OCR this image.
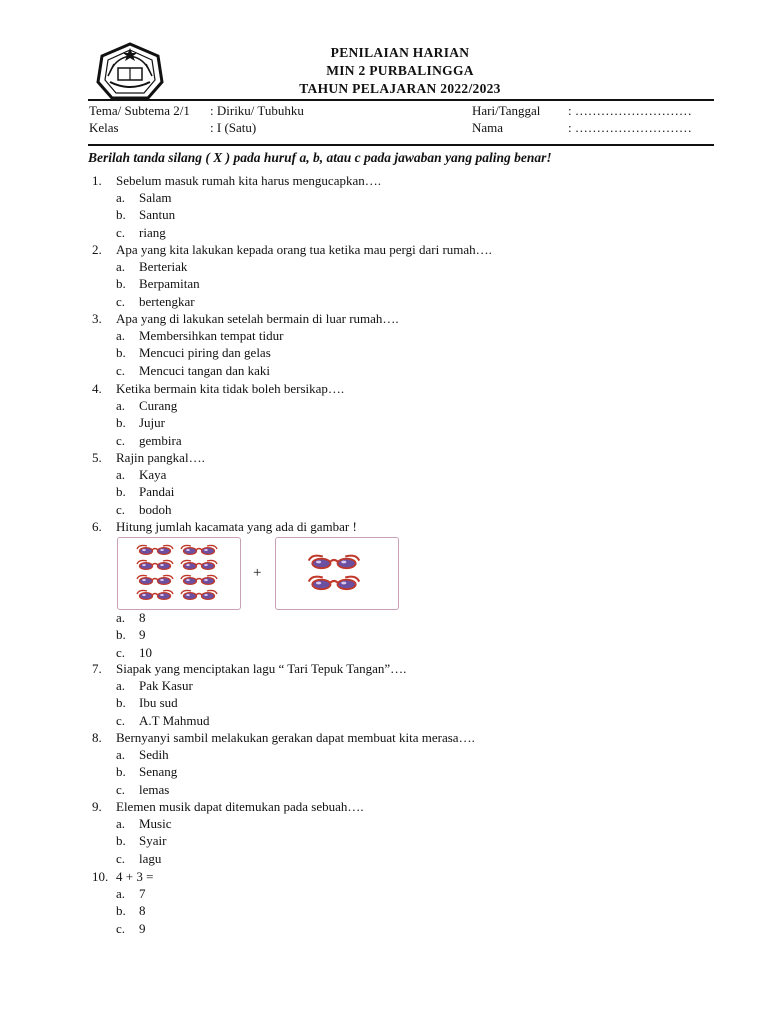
PENILAIAN HARIAN
MIN 2 PURBALINGGA
TAHUN PELAJARAN 2022/2023
Tema/ Subtema 2/1 : Diriku/ Tubuhku	Hari/Tanggal : ………………………
Kelas	: I (Satu)	Nama	: ………………………
Berilah tanda silang ( X ) pada huruf a, b, atau c pada jawaban yang paling benar!
1.	Sebelum masuk rumah kita harus mengucapkan….
a. Salam
b. Santun
c. riang
2.	Apa yang kita lakukan kepada orang tua ketika mau pergi dari rumah….
a. Berteriak
b. Berpamitan
c. bertengkar
3.	Apa yang di lakukan setelah bermain di luar rumah….
a. Membersihkan tempat tidur
b. Mencuci piring dan gelas
c. Mencuci tangan dan kaki
4.	Ketika bermain kita tidak boleh bersikap….
a. Curang
b. Jujur
c. gembira
5.	Rajin pangkal….
a. Kaya
b. Pandai
c. bodoh
6.	Hitung jumlah kacamata yang ada di gambar !
a. 8
b. 9
c. 10
7.	Siapak yang menciptakan lagu “ Tari Tepuk Tangan”….
a. Pak Kasur
b. Ibu sud
c. A.T Mahmud
8.	Bernyanyi sambil melakukan gerakan dapat membuat kita merasa….
a. Sedih
b. Senang
c. lemas
9.	Elemen musik dapat ditemukan pada sebuah….
a. Music
b. Syair
c. lagu
10. 4 + 3 =
a. 7
b. 8
c. 9
+
